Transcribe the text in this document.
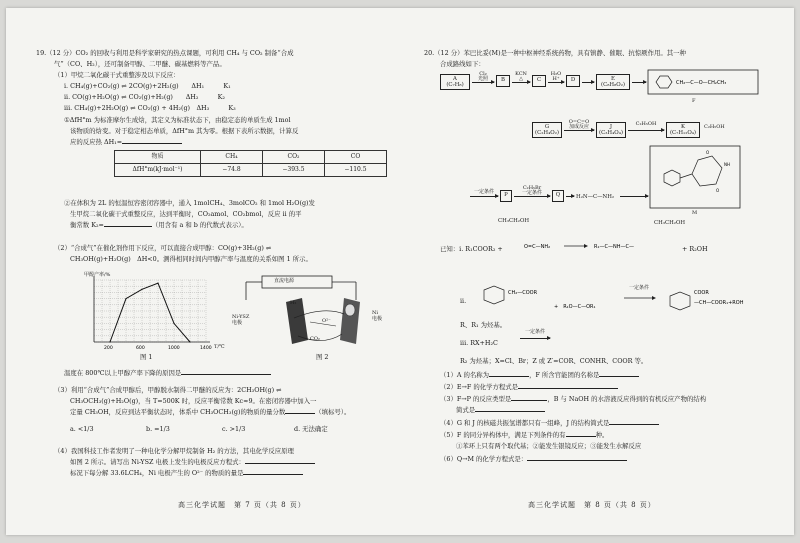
19.（12 分）CO₂ 的回收与利用是科学家研究的热点课题，可利用 CH₄ 与 CO₂ 制备“合成
气”（CO、H₂），还可制备甲醇、二甲醚、碳基燃料等产品。
（1）甲烷二氧化碳干式重整涉及以下反应：
i. CH₄(g)+CO₂(g) ⇌ 2CO(g)+2H₂(g)　　ΔH₁　　　K₁
ii. CO(g)+H₂O(g) ⇌ CO₂(g)+H₂(g)　　ΔH₂　　　K₂
iii. CH₄(g)+2H₂O(g) ⇌ CO₂(g) + 4H₂(g)　ΔH₃　　　K₃
①ΔfH°m 为标准摩尔生成焓，其定义为标准状态下，由稳定态的单质生成 1mol
该物质的焓变。对于稳定相态单质，ΔfH°m 其为零。根据下表所示数据，计算反
应的反应热 ΔH₁=
物质	CH₄	CO₂	CO
ΔfH°m(kJ·mol⁻¹)	−74.8	−393.5	−110.5
②在体积为 2L 的恒温恒容密闭容器中，通入 1molCH₄、3molCO₂ 和 1mol H₂O(g)发
生甲烷二氧化碳干式重整反应，达到平衡时，CO₂amol、CO₂bmol，反应 ii 的平
衡常数 K₂=	（用含有 a 和 b 的代数式表示）。
（2）“合成气”在催化剂作用下反应，可以直接合成甲醇：CO(g)+3H₂(g) ⇌
CH₃OH(g)+H₂O(g)　ΔH<0。测得相同时间内甲醇产率与温度的关系如图 1 所示。
200	600	1000	1400
甲醇产率/%
T/℃
图 1
直流电源
Ni-YSZ
电极
Ni
电极
H₂
CO₂
O²⁻
图 2
温度在 800℃以上甲醇产率下降的原因是
（3）利用“合成气”合成甲醇后，甲醇脱水制得二甲醚的反应为：2CH₃OH(g) ⇌
CH₃OCH₃(g)+H₂O(g)，当 T=500K 时，反应平衡常数 Kc≈9。在密闭容器中加入一
定量 CH₃OH，反应到达平衡状态时，体系中 CH₃OCH₃(g)的物质的量分数	（填标号）。
a. <1/3	b. =1/3	c. >1/3	d. 无法确定
（4）我国科技工作者发明了一种电化学分解甲烷制备 H₂ 的方法，其电化学反应原理
如图 2 所示。请写出 Ni-YSZ 电极上发生的电极反应方程式：
标况下每分解 33.6LCH₄，Ni 电极产生的 O²⁻ 的物质的量是
高三化学试题　第 7 页（共 8 页）
20.（12 分）苯巴比妥(M)是一种中枢神经系统药物，具有镇静、催眠、抗惊厥作用。其一种
合成路线如下：
A
(C₇H₈)	→
Cl₂
光照	B	→
KCN
△	C	→
H₂O
H⁺	D	→
E
(C₈H₈O₂)	→	CH₂—C—O—CH₂CH₃
F
G
(C₂H₄O₂)
O=C=O
加成反应	J
(C₃H₄O₄)
C₂H₅OH	K
(C₇H₁₂O₄)
C₂H₅OH
O
NH
O
M
一定条件	P
C₂H₅Br
一定条件	Q	H₂N—C—NH₂
CH₃CH₂OH	CH₃CH₂OH
已知：i. R₁COOR₂ +	O=C—NH₂	R₁—C—NH—C—	+ R₂OH
ii.
CH₂—COOR
+　R₁O—C—OR₁
COOR
—CH—COOR₁+ROH
一定条件
R、R₁ 为烃基。
iii. RX+H₂C
一定条件
R₂ 为烃基；X=Cl、Br；Z 或 Z′=COR、CONHR、COOR 等。
（1）A 的名称为	，F 所含官能团的名称是
（2）E→F 的化学方程式是
（3）F→P 的反应类型是	，B 与 NaOH 的水溶液反应得到的有机反应产物的结构
简式是
（4）G 和 J 的核磁共振氢谱都只有一组峰，J 的结构简式是
（5）F 的同分异构体中，满足下列条件的有	种。
①苯环上只有两个取代基；②能发生银镜反应；③能发生水解反应
（6）Q→M 的化学方程式是：
高三化学试题　第 8 页（共 8 页）
